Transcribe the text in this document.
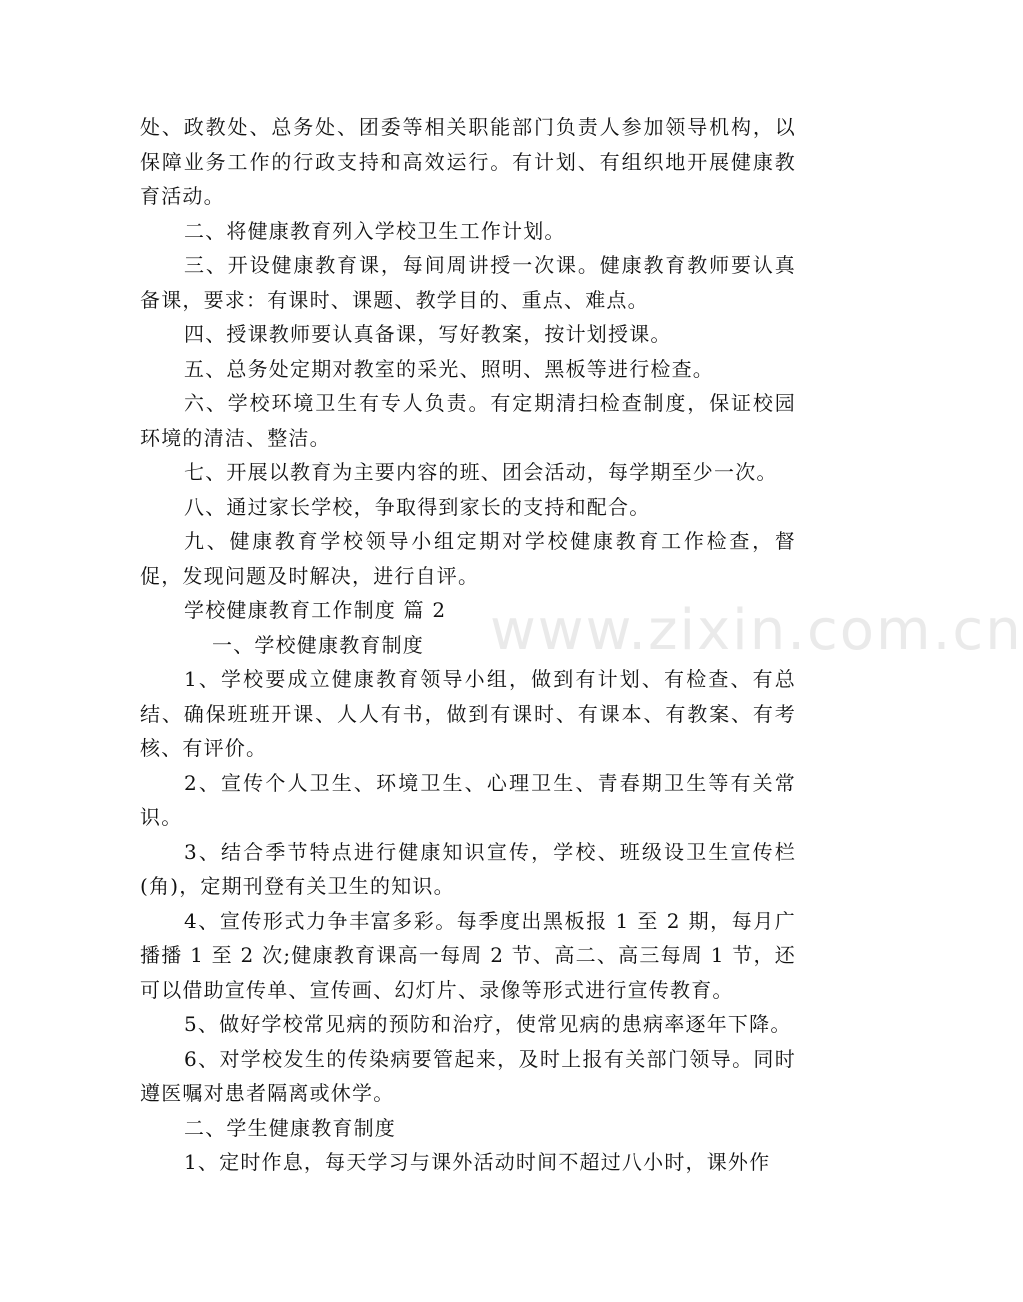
www.zixin.com.cn

处、政教处、总务处、团委等相关职能部门负责人参加领导机构，以保障业务工作的行政支持和高效运行。有计划、有组织地开展健康教育活动。

二、将健康教育列入学校卫生工作计划。

三、开设健康教育课，每间周讲授一次课。健康教育教师要认真备课，要求：有课时、课题、教学目的、重点、难点。

四、授课教师要认真备课，写好教案，按计划授课。

五、总务处定期对教室的采光、照明、黑板等进行检查。

六、学校环境卫生有专人负责。有定期清扫检查制度，保证校园环境的清洁、整洁。

七、开展以教育为主要内容的班、团会活动，每学期至少一次。

八、通过家长学校，争取得到家长的支持和配合。

九、健康教育学校领导小组定期对学校健康教育工作检查，督促，发现问题及时解决，进行自评。

学校健康教育工作制度 篇 2

一、学校健康教育制度

1、学校要成立健康教育领导小组，做到有计划、有检查、有总结、确保班班开课、人人有书，做到有课时、有课本、有教案、有考核、有评价。

2、宣传个人卫生、环境卫生、心理卫生、青春期卫生等有关常识。

3、结合季节特点进行健康知识宣传，学校、班级设卫生宣传栏(角)，定期刊登有关卫生的知识。

4、宣传形式力争丰富多彩。每季度出黑板报 1 至 2 期，每月广播播 1 至 2 次;健康教育课高一每周 2 节、高二、高三每周 1 节，还可以借助宣传单、宣传画、幻灯片、录像等形式进行宣传教育。

5、做好学校常见病的预防和治疗，使常见病的患病率逐年下降。

6、对学校发生的传染病要管起来，及时上报有关部门领导。同时遵医嘱对患者隔离或休学。

二、学生健康教育制度

1、定时作息，每天学习与课外活动时间不超过八小时，课外作
